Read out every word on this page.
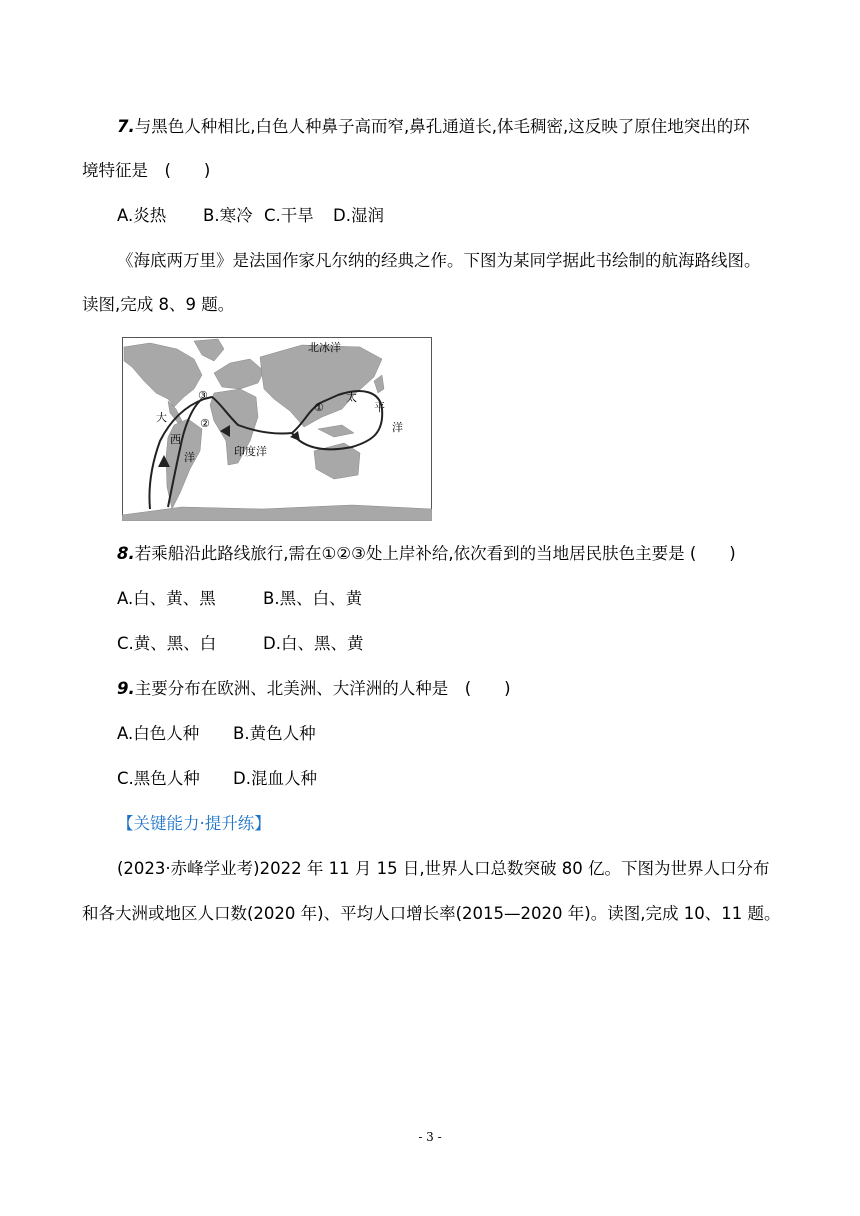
7.与黑色人种相比,白色人种鼻子高而窄,鼻孔通道长,体毛稠密,这反映了原住地突出的环
境特征是　(　　)
A.炎热 B.寒冷 C.干旱 D.湿润
《海底两万里》是法国作家凡尔纳的经典之作。下图为某同学据此书绘制的航海路线图。
读图,完成 8、9 题。
③
②
①
北冰洋
大
西
洋
太
平
洋
印度洋
8.若乘船沿此路线旅行,需在①②③处上岸补给,依次看到的当地居民肤色主要是 (　　)
A.白、黄、黑	B.黑、白、黄
C.黄、黑、白	D.白、黑、黄
9.主要分布在欧洲、北美洲、大洋洲的人种是　(　　)
A.白色人种 B.黄色人种
C.黑色人种 D.混血人种
【关键能力·提升练】
(2023·赤峰学业考)2022 年 11 月 15 日,世界人口总数突破 80 亿。下图为世界人口分布
和各大洲或地区人口数(2020 年)、平均人口增长率(2015—2020 年)。读图,完成 10、11 题。
- 3 -
